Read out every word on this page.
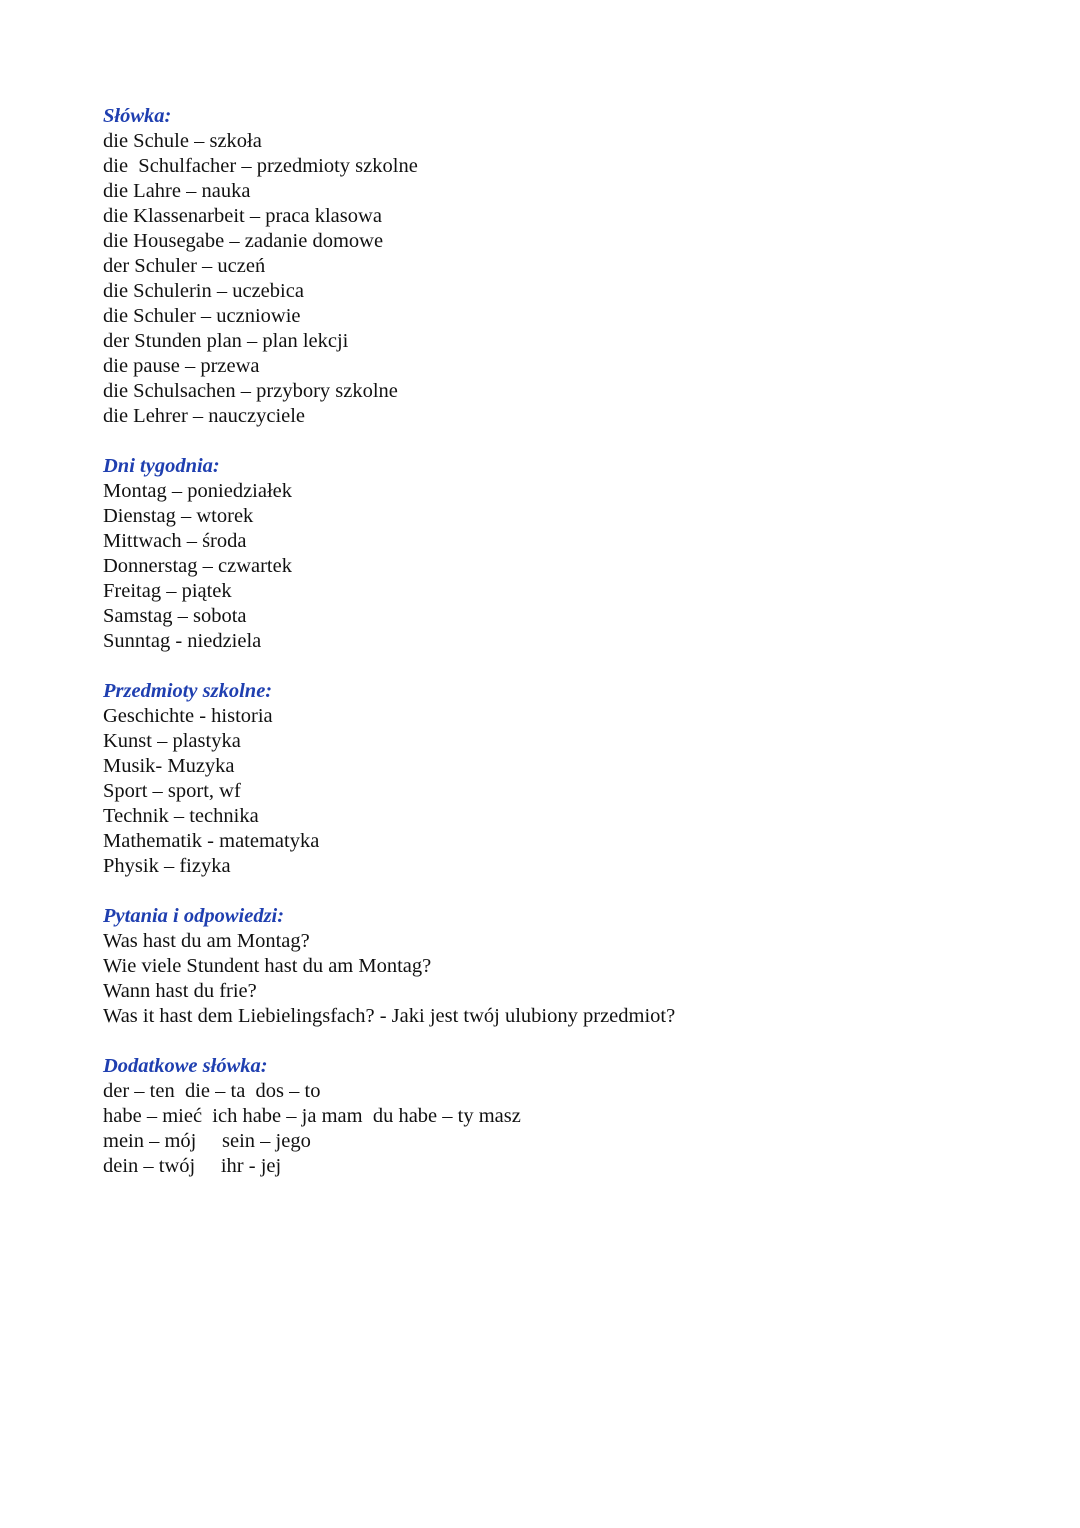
Słówka:
die Schule – szkoła
die  Schulfacher – przedmioty szkolne
die Lahre – nauka
die Klassenarbeit – praca klasowa
die Housegabe – zadanie domowe
der Schuler – uczeń
die Schulerin – uczebica
die Schuler – uczniowie
der Stunden plan – plan lekcji
die pause – przewa
die Schulsachen – przybory szkolne
die Lehrer – nauczyciele
Dni tygodnia:
Montag – poniedziałek
Dienstag – wtorek
Mittwach – środa
Donnerstag – czwartek
Freitag – piątek
Samstag – sobota
Sunntag - niedziela
Przedmioty szkolne:
Geschichte - historia
Kunst – plastyka
Musik- Muzyka
Sport – sport, wf
Technik – technika
Mathematik - matematyka
Physik – fizyka
Pytania i odpowiedzi:
Was hast du am Montag?
Wie viele Stundent hast du am Montag?
Wann hast du frie?
Was it hast dem Liebielingsfach? - Jaki jest twój ulubiony przedmiot?
Dodatkowe słówka:
der – ten  die – ta  dos – to
habe – mieć  ich habe – ja mam  du habe – ty masz
mein – mój     sein – jego
dein – twój     ihr - jej
